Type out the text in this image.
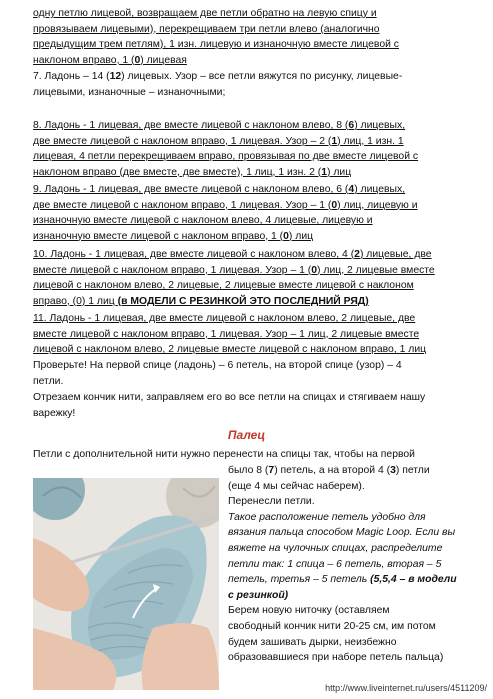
одну петлю лицевой, возвращаем две петли обратно на левую спицу и
провязываем лицевыми), перекрещиваем три петли влево (аналогично
предыдущим трем петлям), 1 изн. лицевую и изнаночную вместе лицевой с
наклоном вправо, 1 (0) лицевая
7. Ладонь – 14 (12) лицевых. Узор – все петли вяжутся по рисунку, лицевые-
лицевыми, изнаночные – изнаночными;
8. Ладонь - 1 лицевая, две вместе лицевой с наклоном влево, 8 (6) лицевых,
две вместе лицевой с наклоном вправо, 1 лицевая. Узор – 2 (1) лиц, 1 изн. 1
лицевая, 4 петли перекрещиваем вправо, провязывая по две вместе лицевой с
наклоном вправо (две вместе, две вместе), 1 лиц, 1 изн. 2 (1) лиц
9. Ладонь - 1 лицевая, две вместе лицевой с наклоном влево, 6 (4) лицевых,
две вместе лицевой с наклоном вправо, 1 лицевая. Узор – 1 (0) лиц, лицевую и
изнаночную вместе лицевой с наклоном влево, 4 лицевые, лицевую и
изнаночную вместе лицевой с наклоном вправо, 1 (0) лиц
10. Ладонь - 1 лицевая, две вместе лицевой с наклоном влево, 4 (2) лицевые, две
вместе лицевой с наклоном вправо, 1 лицевая. Узор – 1 (0) лиц, 2 лицевые вместе
лицевой с наклоном влево, 2 лицевые, 2 лицевые вместе лицевой с наклоном
вправо, (0) 1 лиц (в МОДЕЛИ С РЕЗИНКОЙ ЭТО ПОСЛЕДНИЙ РЯД)
11. Ладонь - 1 лицевая, две вместе лицевой с наклоном влево, 2 лицевые, две
вместе лицевой с наклоном вправо, 1 лицевая. Узор – 1 лиц, 2 лицевые вместе
лицевой с наклоном влево, 2 лицевые вместе лицевой с наклоном вправо, 1 лиц
Проверьте! На первой спице (ладонь) – 6 петель, на второй спице (узор) – 4
петли.
Отрезаем кончик нити, заправляем его во все петли на спицах и стягиваем нашу
варежку!
Палец
Петли с дополнительной нити нужно перенести на спицы так, чтобы на первой
было 8 (7) петель, а на второй 4 (3) петли
(еще 4 мы сейчас наберем).
Перенесли петли.
Такое расположение петель удобно для
вязания пальца способом Magic Loop. Если вы
вяжете на чулочных спицах, распределите
петли так: 1 спица – 6 петель, вторая – 5
петель, третья – 5 петель (5,5,4 – в модели
с резинкой)
Берем новую ниточку (оставляем
свободный кончик нити 20-25 см, им потом
будем зашивать дырки, неизбежно
образовавшиеся при наборе петель пальца)
http://www.liveinternet.ru/users/4511209/
